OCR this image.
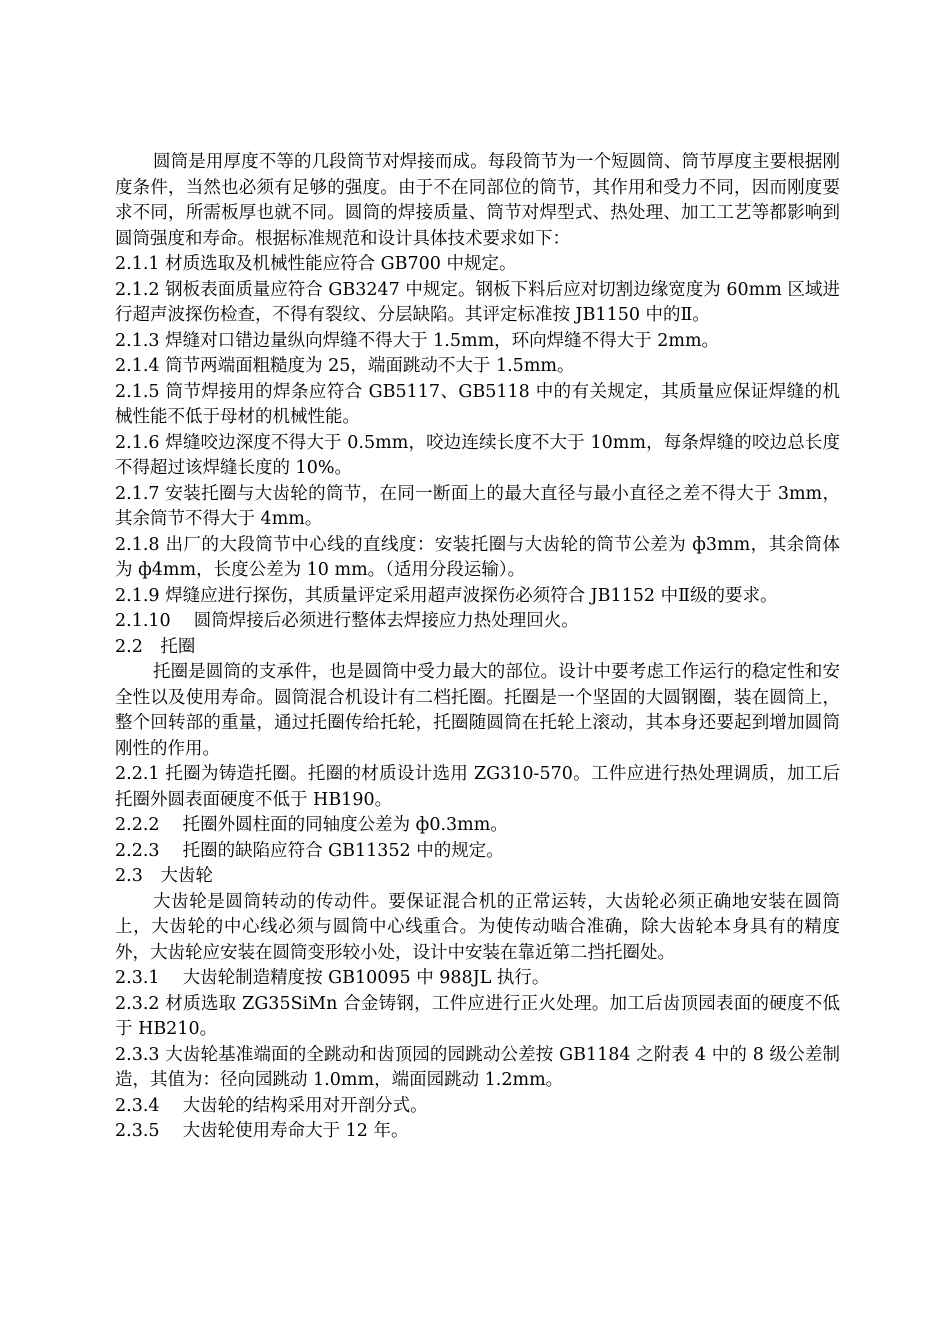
圆筒是用厚度不等的几段筒节对焊接而成。每段筒节为一个短圆筒、筒节厚度主要根据刚度条件，当然也必须有足够的强度。由于不在同部位的筒节，其作用和受力不同，因而刚度要求不同，所需板厚也就不同。圆筒的焊接质量、筒节对焊型式、热处理、加工工艺等都影响到圆筒强度和寿命。根据标准规范和设计具体技术要求如下：

2.1.1 材质选取及机械性能应符合 GB700 中规定。

2.1.2 钢板表面质量应符合 GB3247 中规定。钢板下料后应对切割边缘宽度为 60mm 区域进行超声波探伤检查，不得有裂纹、分层缺陷。其评定标准按 JB1150 中的Ⅱ。

2.1.3 焊缝对口错边量纵向焊缝不得大于 1.5mm，环向焊缝不得大于 2mm。

2.1.4 筒节两端面粗糙度为 25，端面跳动不大于 1.5mm。

2.1.5 筒节焊接用的焊条应符合 GB5117、GB5118 中的有关规定，其质量应保证焊缝的机械性能不低于母材的机械性能。

2.1.6 焊缝咬边深度不得大于 0.5mm，咬边连续长度不大于 10mm，每条焊缝的咬边总长度不得超过该焊缝长度的 10%。

2.1.7 安装托圈与大齿轮的筒节，在同一断面上的最大直径与最小直径之差不得大于 3mm，其余筒节不得大于 4mm。

2.1.8 出厂的大段筒节中心线的直线度：安装托圈与大齿轮的筒节公差为 ф3mm，其余筒体为 ф4mm，长度公差为 10 mm。（适用分段运输）。

2.1.9 焊缝应进行探伤，其质量评定采用超声波探伤必须符合 JB1152 中Ⅱ级的要求。

2.1.10　 圆筒焊接后必须进行整体去焊接应力热处理回火。

2.2　托圈

托圈是圆筒的支承件，也是圆筒中受力最大的部位。设计中要考虑工作运行的稳定性和安全性以及使用寿命。圆筒混合机设计有二档托圈。托圈是一个坚固的大圆钢圈，装在圆筒上，整个回转部的重量，通过托圈传给托轮，托圈随圆筒在托轮上滚动，其本身还要起到增加圆筒刚性的作用。

2.2.1 托圈为铸造托圈。托圈的材质设计选用 ZG310-570。工件应进行热处理调质，加工后托圈外圆表面硬度不低于 HB190。

2.2.2　 托圈外圆柱面的同轴度公差为 ф0.3mm。

2.2.3　 托圈的缺陷应符合 GB11352 中的规定。

2.3　大齿轮

大齿轮是圆筒转动的传动件。要保证混合机的正常运转，大齿轮必须正确地安装在圆筒上，大齿轮的中心线必须与圆筒中心线重合。为使传动啮合准确，除大齿轮本身具有的精度外，大齿轮应安装在圆筒变形较小处，设计中安装在靠近第二挡托圈处。

2.3.1　 大齿轮制造精度按 GB10095 中 988JL 执行。

2.3.2 材质选取 ZG35SiMn 合金铸钢，工件应进行正火处理。加工后齿顶园表面的硬度不低于 HB210。

2.3.3 大齿轮基准端面的全跳动和齿顶园的园跳动公差按 GB1184 之附表 4 中的 8 级公差制造，其值为：径向园跳动 1.0mm，端面园跳动 1.2mm。

2.3.4　 大齿轮的结构采用对开剖分式。

2.3.5　 大齿轮使用寿命大于 12 年。
